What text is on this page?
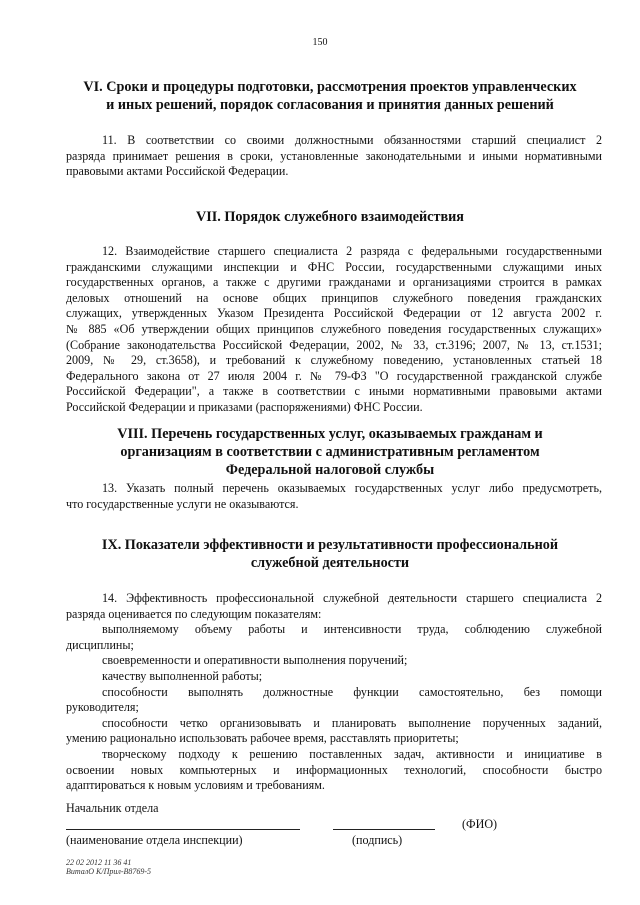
150
VI. Сроки и процедуры подготовки, рассмотрения проектов управленческих
и иных решений, порядок согласования и принятия данных решений
11. В соответствии со своими должностными обязанностями старший специалист 2
разряда принимает решения в сроки, установленные законодательными и иными нормативными
правовыми актами Российской Федерации.
VII. Порядок служебного взаимодействия
12. Взаимодействие старшего специалиста 2 разряда с федеральными государственными
гражданскими служащими инспекции и ФНС России, государственными служащими иных
государственных органов, а также с другими гражданами и организациями строится в рамках
деловых отношений на основе общих принципов служебного поведения гражданских
служащих, утвержденных Указом Президента Российской Федерации от 12 августа 2002 г.
№ 885 «Об утверждении общих принципов служебного поведения государственных служащих»
(Собрание законодательства Российской Федерации, 2002, № 33, ст.3196; 2007, № 13, ст.1531;
2009, № 29, ст.3658), и требований к служебному поведению, установленных статьей 18
Федерального закона от 27 июля 2004 г. № 79-ФЗ "О государственной гражданской службе
Российской Федерации", а также в соответствии с иными нормативными правовыми актами
Российской Федерации и приказами (распоряжениями) ФНС России.
VIII. Перечень государственных услуг, оказываемых гражданам и
организациям в соответствии с административным регламентом
Федеральной налоговой службы
13. Указать полный перечень оказываемых государственных услуг либо предусмотреть,
что государственные услуги не оказываются.
IX. Показатели эффективности и результативности профессиональной
служебной деятельности
14. Эффективность профессиональной служебной деятельности старшего специалиста 2
разряда оценивается по следующим показателям:
выполняемому объему работы и интенсивности труда, соблюдению служебной
дисциплины;
своевременности и оперативности выполнения поручений;
качеству выполненной работы;
способности выполнять должностные функции самостоятельно, без помощи
руководителя;
способности четко организовывать и планировать выполнение порученных заданий,
умению рационально использовать рабочее время, расставлять приоритеты;
творческому подходу к решению поставленных задач, активности и инициативе в
освоении новых компьютерных и информационных технологий, способности быстро
адаптироваться к новым условиям и требованиям.
Начальник отдела
(ФИО)
(наименование отдела инспекции)	(подпись)
22 02 2012 11 36 41
ВиталО К/Прил-В8769-5
